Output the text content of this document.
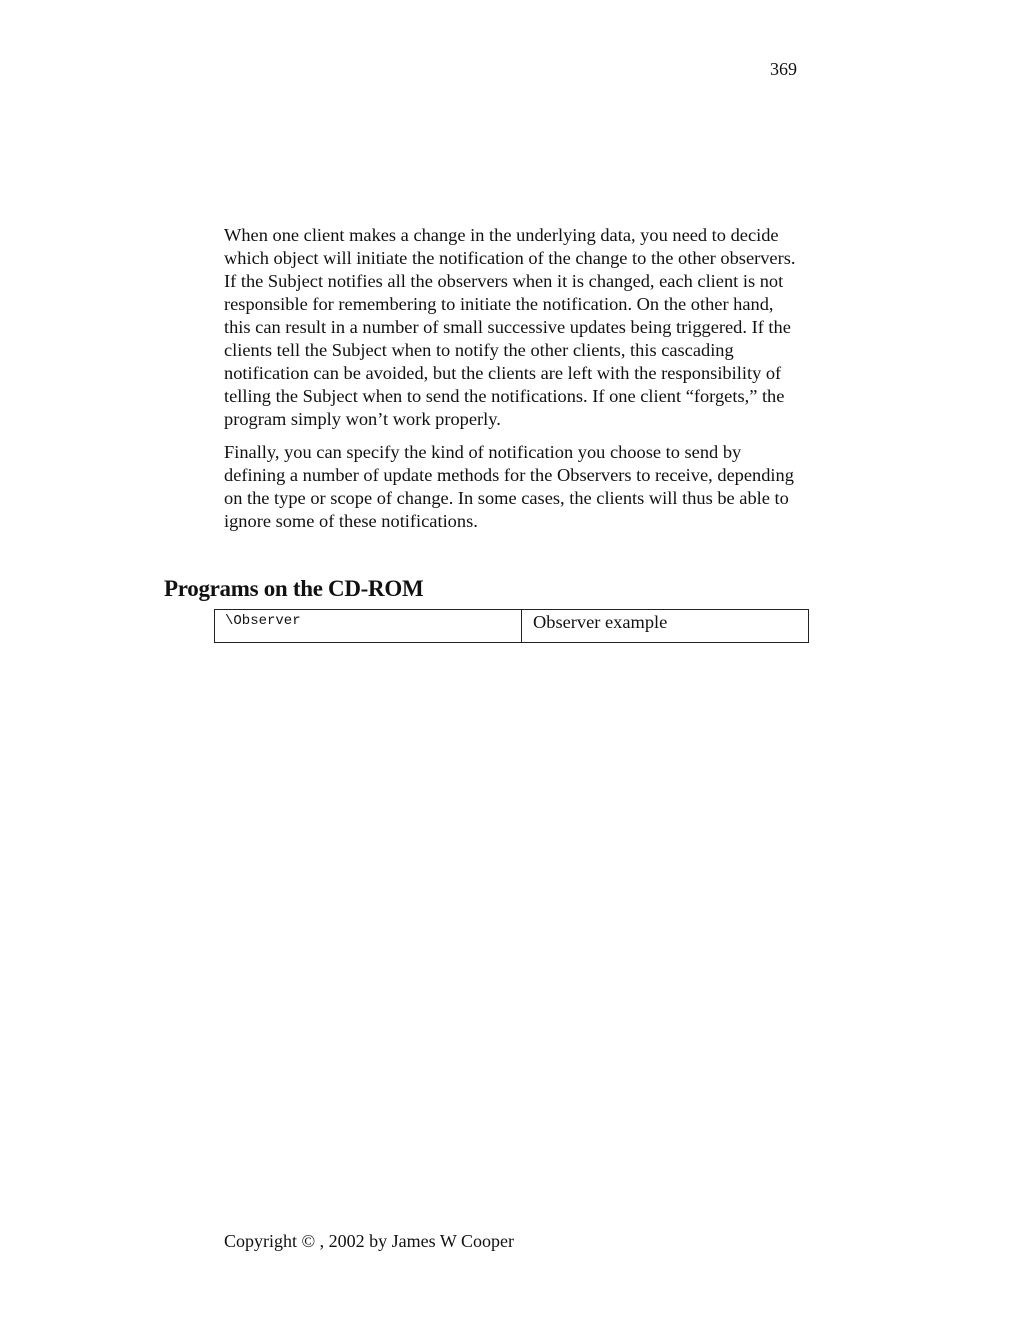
369

When one client makes a change in the underlying data, you need to decide which object will initiate the notification of the change to the other observers. If the Subject notifies all the observers when it is changed, each client is not responsible for remembering to initiate the notification. On the other hand, this can result in a number of small successive updates being triggered. If the clients tell the Subject when to notify the other clients, this cascading notification can be avoided, but the clients are left with the responsibility of telling the Subject when to send the notifications. If one client “forgets,” the program simply won’t work properly.

Finally, you can specify the kind of notification you choose to send by defining a number of update methods for the Observers to receive, depending on the type or scope of change. In some cases, the clients will thus be able to ignore some of these notifications.

Programs on the CD-ROM
\Observer	Observer example
Copyright © , 2002 by James W Cooper
